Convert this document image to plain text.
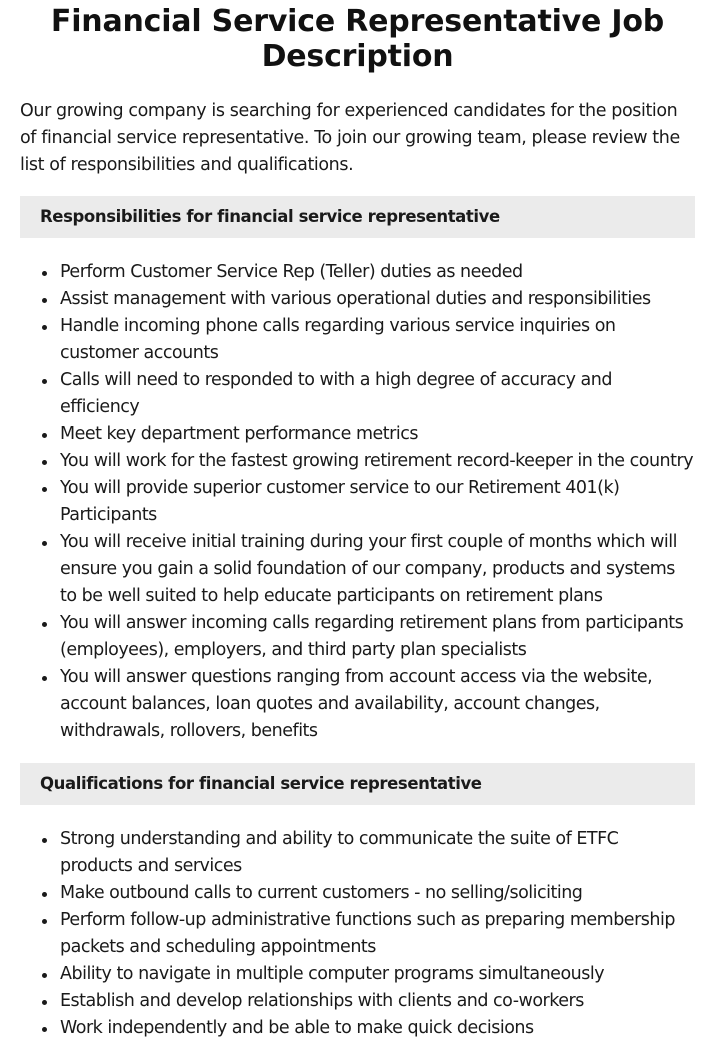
Financial Service Representative Job Description

Our growing company is searching for experienced candidates for the position of financial service representative. To join our growing team, please review the list of responsibilities and qualifications.

Responsibilities for financial service representative
Perform Customer Service Rep (Teller) duties as needed
Assist management with various operational duties and responsibilities
Handle incoming phone calls regarding various service inquiries on customer accounts
Calls will need to responded to with a high degree of accuracy and efficiency
Meet key department performance metrics
You will work for the fastest growing retirement record-keeper in the country
You will provide superior customer service to our Retirement 401(k) Participants
You will receive initial training during your first couple of months which will ensure you gain a solid foundation of our company, products and systems to be well suited to help educate participants on retirement plans
You will answer incoming calls regarding retirement plans from participants (employees), employers, and third party plan specialists
You will answer questions ranging from account access via the website, account balances, loan quotes and availability, account changes, withdrawals, rollovers, benefits
Qualifications for financial service representative
Strong understanding and ability to communicate the suite of ETFC products and services
Make outbound calls to current customers - no selling/soliciting
Perform follow-up administrative functions such as preparing membership packets and scheduling appointments
Ability to navigate in multiple computer programs simultaneously
Establish and develop relationships with clients and co-workers
Work independently and be able to make quick decisions
